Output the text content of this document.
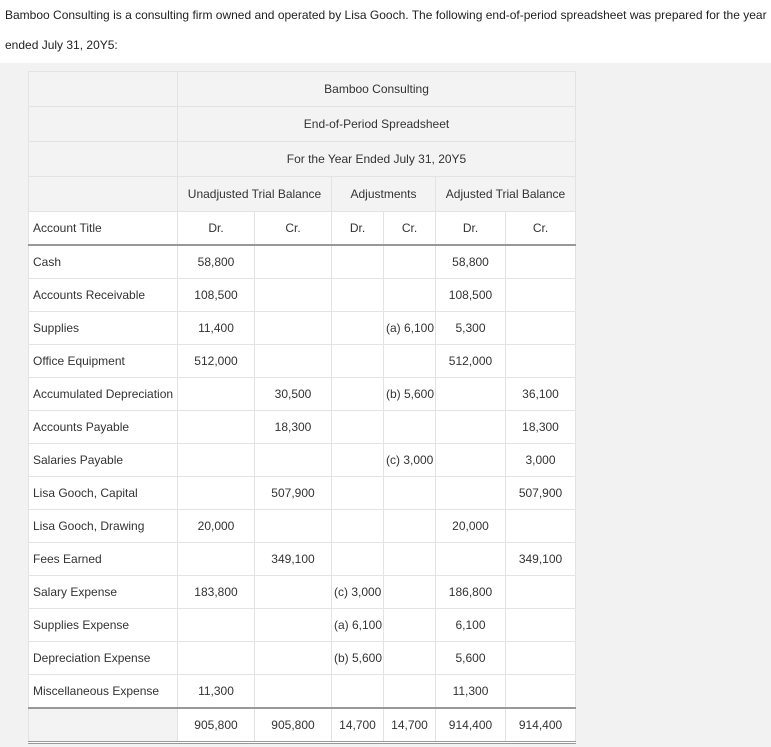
Bamboo Consulting is a consulting firm owned and operated by Lisa Gooch. The following end-of-period spreadsheet was prepared for the year
ended July 31, 20Y5:
	Bamboo Consulting					
	End-of-Period Spreadsheet					
	For the Year Ended July 31, 20Y5					
	Unadjusted Trial Balance		Adjustments		Adjusted Trial Balance	
Account Title	Dr.	Cr.	Dr.	Cr.	Dr.	Cr.
Cash	58,800				58,800	
Accounts Receivable	108,500				108,500	
Supplies	11,400			(a) 6,100	5,300	
Office Equipment	512,000				512,000	
Accumulated Depreciation		30,500		(b) 5,600		36,100
Accounts Payable		18,300				18,300
Salaries Payable				(c) 3,000		3,000
Lisa Gooch, Capital		507,900				507,900
Lisa Gooch, Drawing	20,000				20,000	
Fees Earned		349,100				349,100
Salary Expense	183,800		(c) 3,000		186,800	
Supplies Expense			(a) 6,100		6,100	
Depreciation Expense			(b) 5,600		5,600	
Miscellaneous Expense	11,300				11,300	
	905,800	905,800	14,700	14,700	914,400	914,400
